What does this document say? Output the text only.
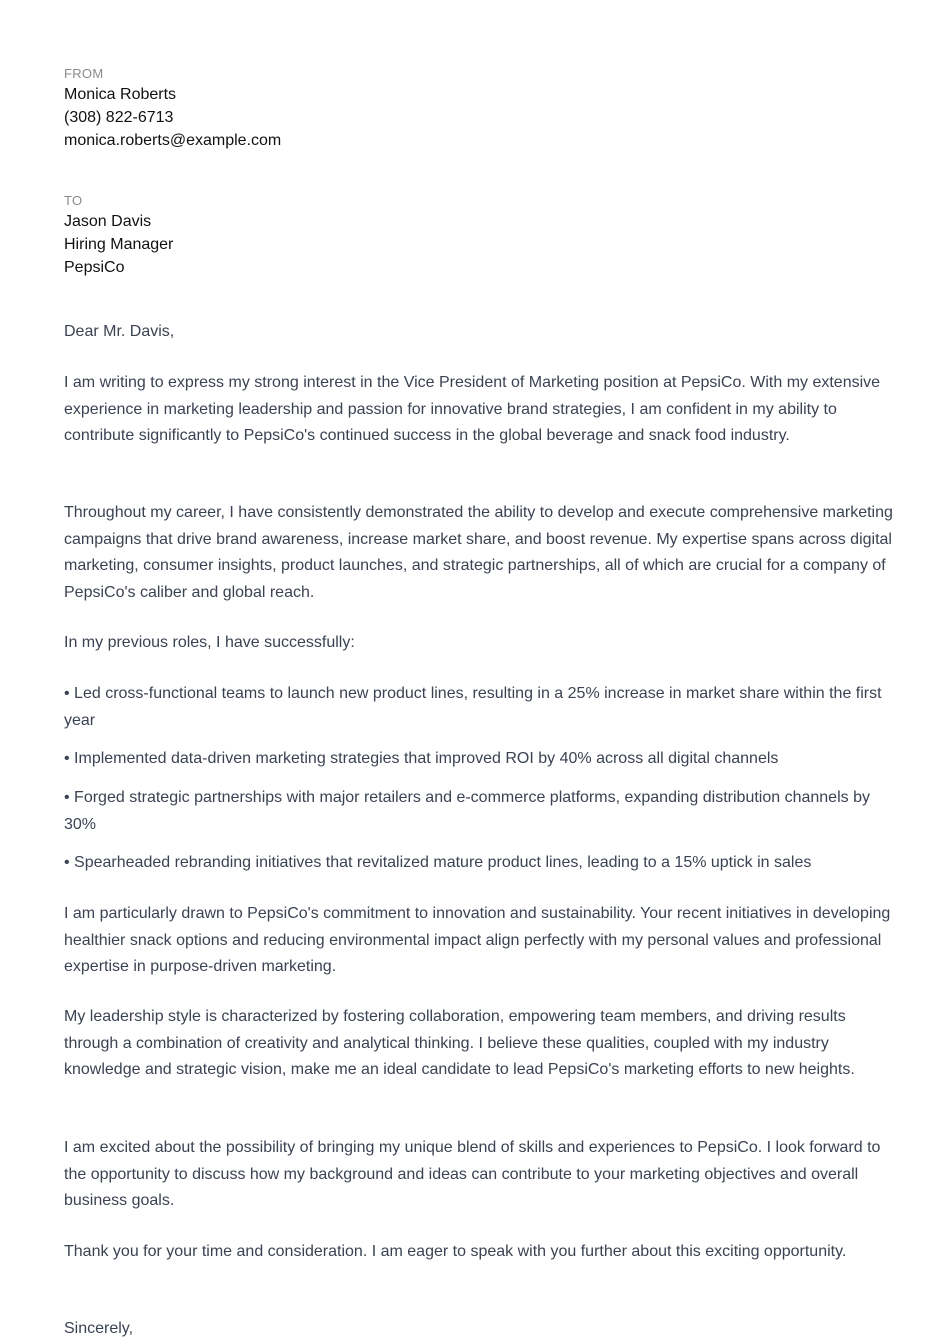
FROM
Monica Roberts
(308) 822-6713
monica.roberts@example.com
TO
Jason Davis
Hiring Manager
PepsiCo

Dear Mr. Davis,

I am writing to express my strong interest in the Vice President of Marketing position at PepsiCo. With my extensive experience in marketing leadership and passion for innovative brand strategies, I am confident in my ability to contribute significantly to PepsiCo's continued success in the global beverage and snack food industry.

Throughout my career, I have consistently demonstrated the ability to develop and execute comprehensive marketing campaigns that drive brand awareness, increase market share, and boost revenue. My expertise spans across digital marketing, consumer insights, product launches, and strategic partnerships, all of which are crucial for a company of PepsiCo's caliber and global reach.

In my previous roles, I have successfully:

• Led cross-functional teams to launch new product lines, resulting in a 25% increase in market share within the first year

• Implemented data-driven marketing strategies that improved ROI by 40% across all digital channels

• Forged strategic partnerships with major retailers and e-commerce platforms, expanding distribution channels by 30%

• Spearheaded rebranding initiatives that revitalized mature product lines, leading to a 15% uptick in sales

I am particularly drawn to PepsiCo's commitment to innovation and sustainability. Your recent initiatives in developing healthier snack options and reducing environmental impact align perfectly with my personal values and professional expertise in purpose-driven marketing.

My leadership style is characterized by fostering collaboration, empowering team members, and driving results through a combination of creativity and analytical thinking. I believe these qualities, coupled with my industry knowledge and strategic vision, make me an ideal candidate to lead PepsiCo's marketing efforts to new heights.

I am excited about the possibility of bringing my unique blend of skills and experiences to PepsiCo. I look forward to the opportunity to discuss how my background and ideas can contribute to your marketing objectives and overall business goals.

Thank you for your time and consideration. I am eager to speak with you further about this exciting opportunity.

Sincerely,
